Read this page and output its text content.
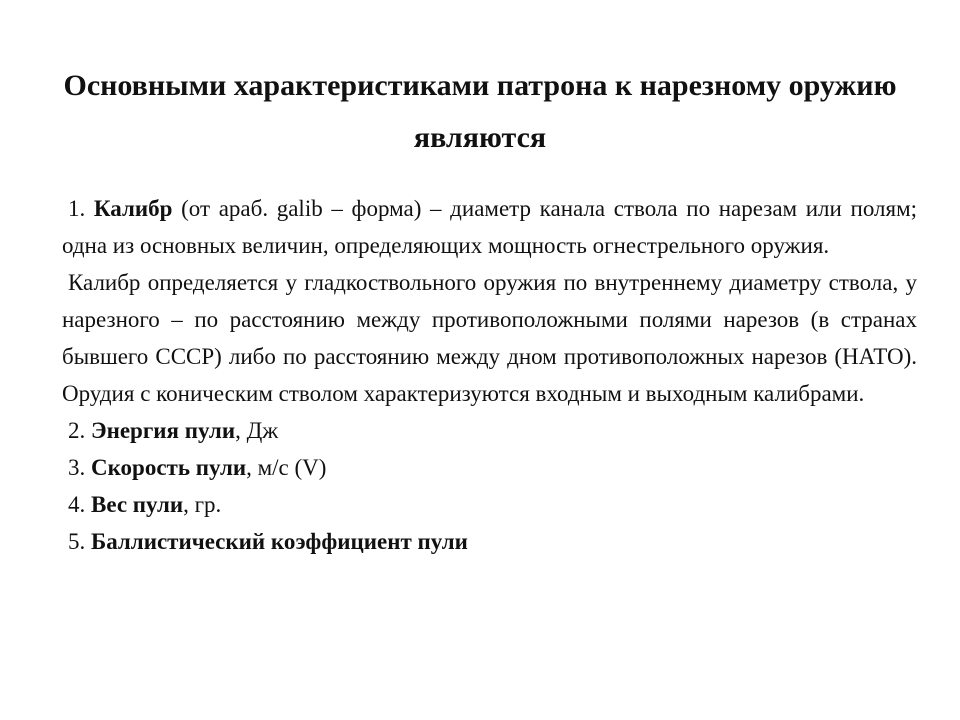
Основными характеристиками патрона к нарезному оружию являются

1. Калибр (от араб. galib – форма) – диаметр канала ствола по нарезам или полям; одна из основных величин, определяющих мощность огнестрельного оружия.

Калибр определяется у гладкоствольного оружия по внутреннему диаметру ствола, у нарезного – по расстоянию между противоположными полями нарезов (в странах бывшего СССР) либо по расстоянию между дном противоположных нарезов (НАТО). Орудия с коническим стволом характеризуются входным и выходным калибрами.

2. Энергия пули, Дж

3. Скорость пули, м/с (V)

4. Вес пули, гр.

5. Баллистический коэффициент пули
